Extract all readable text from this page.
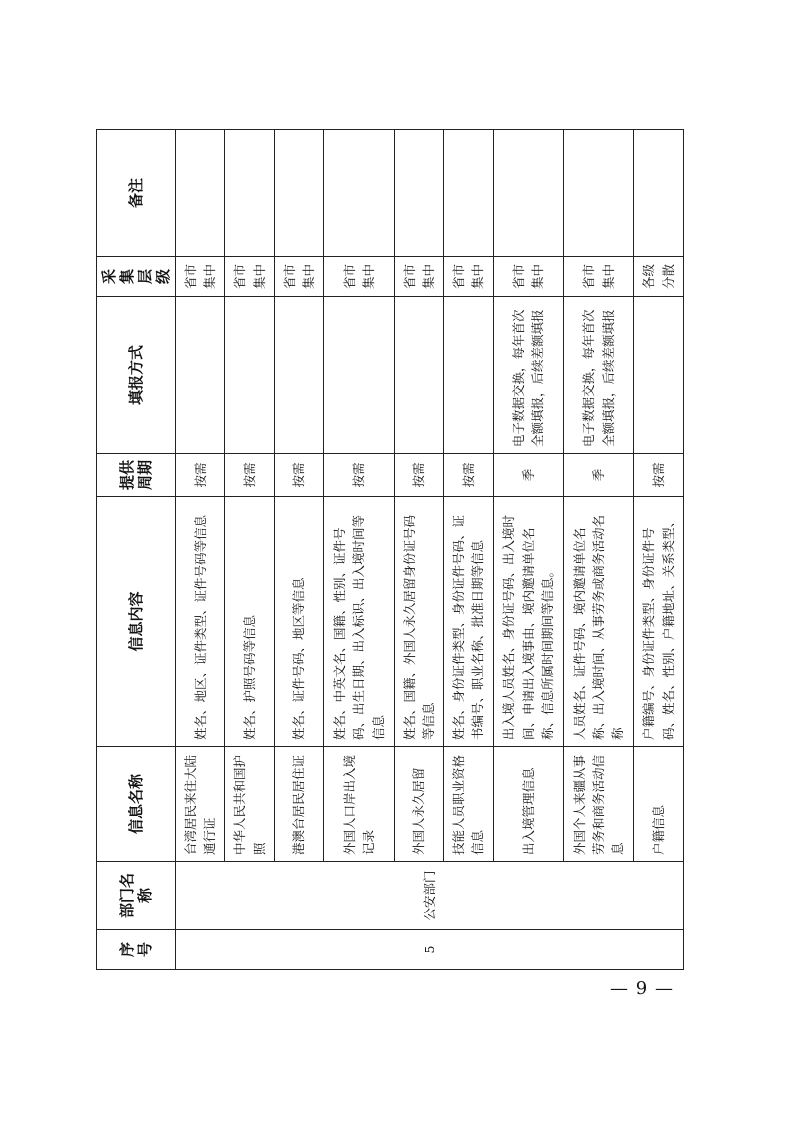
序号	部门名称	信息名称	信息内容	提供周期	填报方式	采集层级	备注
5	公安部门	台湾居民来往大陆通行证	姓名、地区、证件类型、证件号码等信息	按需		省市集中	
		中华人民共和国护照	姓名、护照号码等信息	按需		省市集中	
		港澳台居民居住证	姓名、证件号码、地区等信息	按需		省市集中	
		外国人口岸出入境记录	姓名、中英文名、国籍、性别、证件号码、出生日期、出入标识、出入境时间等信息	按需		省市集中	
		外国人永久居留	姓名、国籍、外国人永久居留身份证号码等信息	按需		省市集中	
		技能人员职业资格信息	姓名、身份证件类型、身份证件号码、证书编号、职业名称、批准日期等信息	按需		省市集中	
		出入境管理信息	出入境人员姓名、身份证号码、出入境时间、申请出入境事由、境内邀请单位名称、信息所属时间期间等信息。	季	电子数据交换，每年首次全额填报，后续差额填报	省市集中	
		外国个人来疆从事劳务和商务活动信息	人员姓名、证件号码、境内邀请单位名称、出入境时间、从事劳务或商务活动名称	季	电子数据交换，每年首次全额填报，后续差额填报	省市集中	
		户籍信息	户籍编号、身份证件类型、身份证件号码、姓名、性别、户籍地址、关系类型、	按需		各级分散	
— 9 —
